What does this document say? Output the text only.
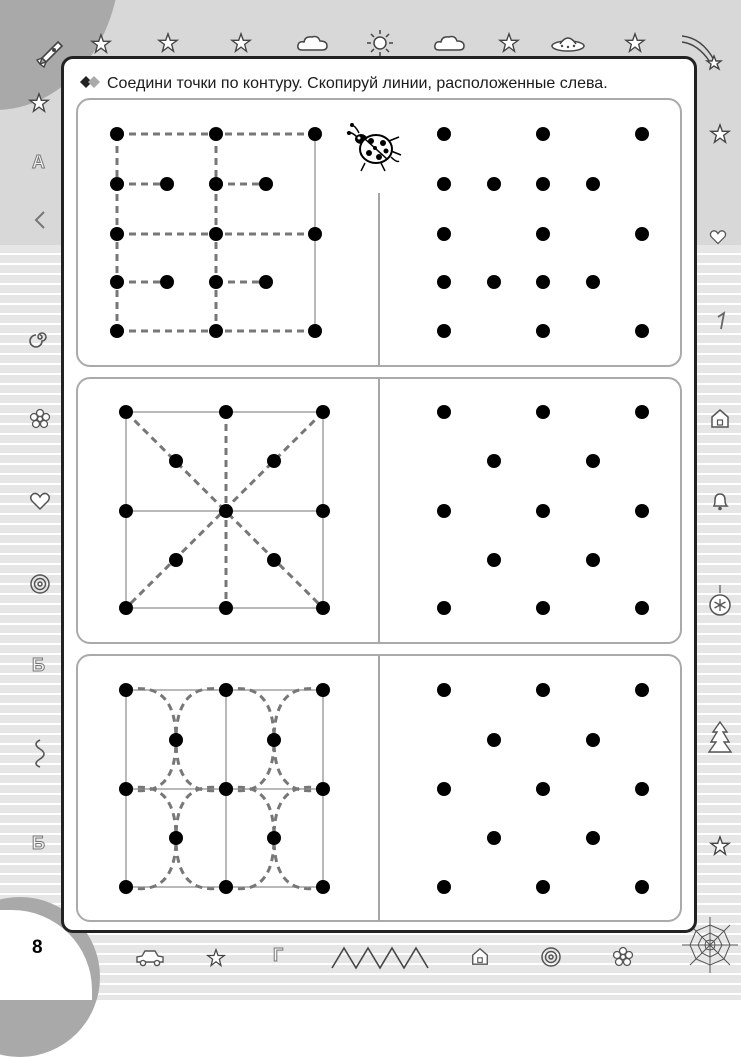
А
Б
Б
Г
8
Соедини точки по контуру. Скопируй линии, расположенные слева.
